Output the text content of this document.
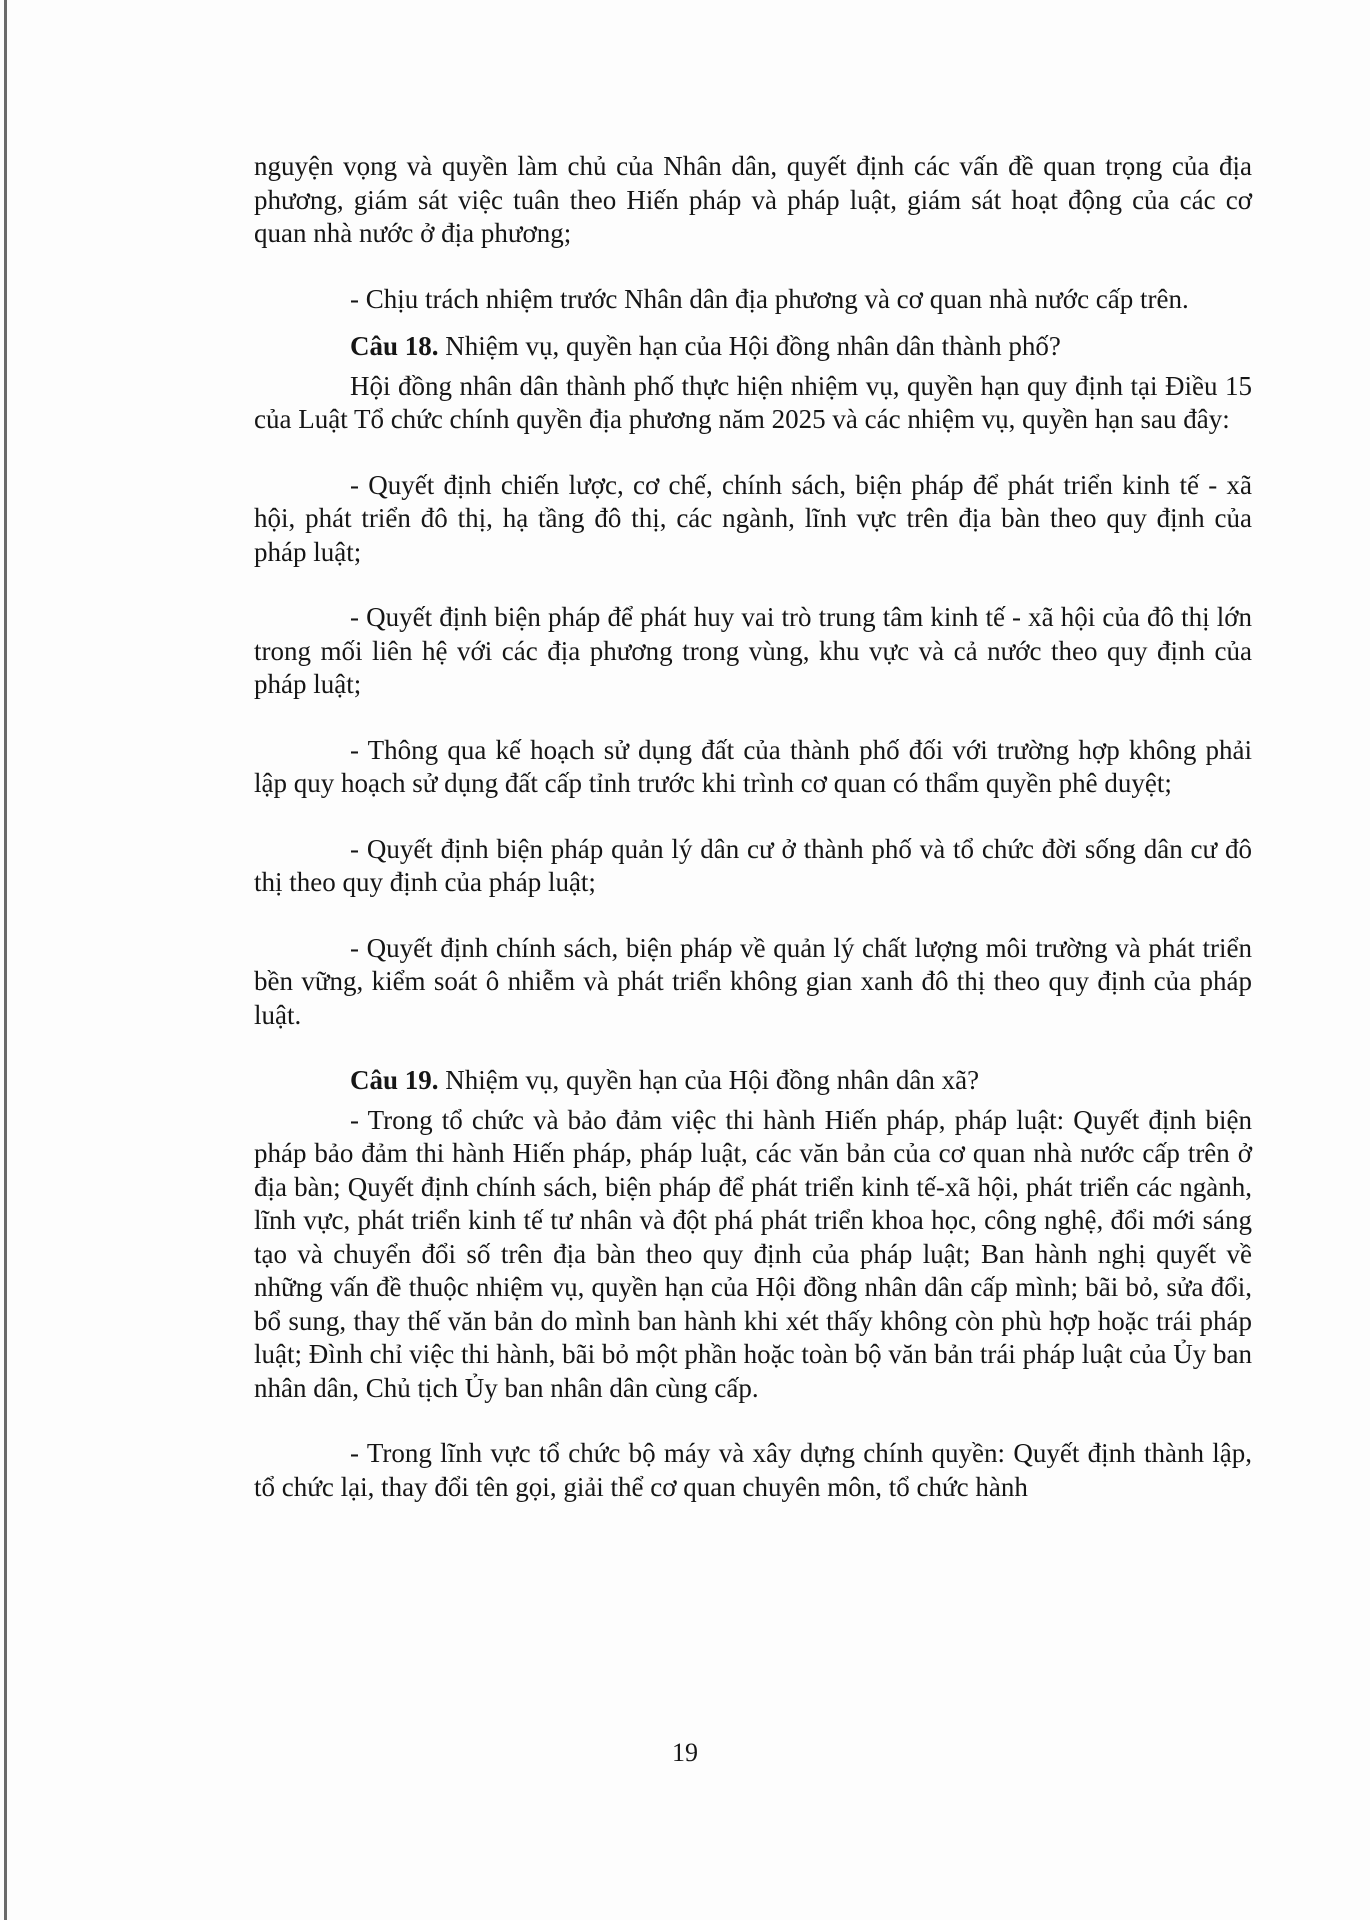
nguyện vọng và quyền làm chủ của Nhân dân, quyết định các vấn đề quan trọng của địa phương, giám sát việc tuân theo Hiến pháp và pháp luật, giám sát hoạt động của các cơ quan nhà nước ở địa phương;

- Chịu trách nhiệm trước Nhân dân địa phương và cơ quan nhà nước cấp trên.

Câu 18. Nhiệm vụ, quyền hạn của Hội đồng nhân dân thành phố?

Hội đồng nhân dân thành phố thực hiện nhiệm vụ, quyền hạn quy định tại Điều 15 của Luật Tổ chức chính quyền địa phương năm 2025 và các nhiệm vụ, quyền hạn sau đây:

- Quyết định chiến lược, cơ chế, chính sách, biện pháp để phát triển kinh tế - xã hội, phát triển đô thị, hạ tầng đô thị, các ngành, lĩnh vực trên địa bàn theo quy định của pháp luật;

- Quyết định biện pháp để phát huy vai trò trung tâm kinh tế - xã hội của đô thị lớn trong mối liên hệ với các địa phương trong vùng, khu vực và cả nước theo quy định của pháp luật;

- Thông qua kế hoạch sử dụng đất của thành phố đối với trường hợp không phải lập quy hoạch sử dụng đất cấp tỉnh trước khi trình cơ quan có thẩm quyền phê duyệt;

- Quyết định biện pháp quản lý dân cư ở thành phố và tổ chức đời sống dân cư đô thị theo quy định của pháp luật;

- Quyết định chính sách, biện pháp về quản lý chất lượng môi trường và phát triển bền vững, kiểm soát ô nhiễm và phát triển không gian xanh đô thị theo quy định của pháp luật.

Câu 19. Nhiệm vụ, quyền hạn của Hội đồng nhân dân xã?

- Trong tổ chức và bảo đảm việc thi hành Hiến pháp, pháp luật: Quyết định biện pháp bảo đảm thi hành Hiến pháp, pháp luật, các văn bản của cơ quan nhà nước cấp trên ở địa bàn; Quyết định chính sách, biện pháp để phát triển kinh tế-xã hội, phát triển các ngành, lĩnh vực, phát triển kinh tế tư nhân và đột phá phát triển khoa học, công nghệ, đổi mới sáng tạo và chuyển đổi số trên địa bàn theo quy định của pháp luật; Ban hành nghị quyết về những vấn đề thuộc nhiệm vụ, quyền hạn của Hội đồng nhân dân cấp mình; bãi bỏ, sửa đổi, bổ sung, thay thế văn bản do mình ban hành khi xét thấy không còn phù hợp hoặc trái pháp luật; Đình chỉ việc thi hành, bãi bỏ một phần hoặc toàn bộ văn bản trái pháp luật của Ủy ban nhân dân, Chủ tịch Ủy ban nhân dân cùng cấp.

- Trong lĩnh vực tổ chức bộ máy và xây dựng chính quyền: Quyết định thành lập, tổ chức lại, thay đổi tên gọi, giải thể cơ quan chuyên môn, tổ chức hành

19
